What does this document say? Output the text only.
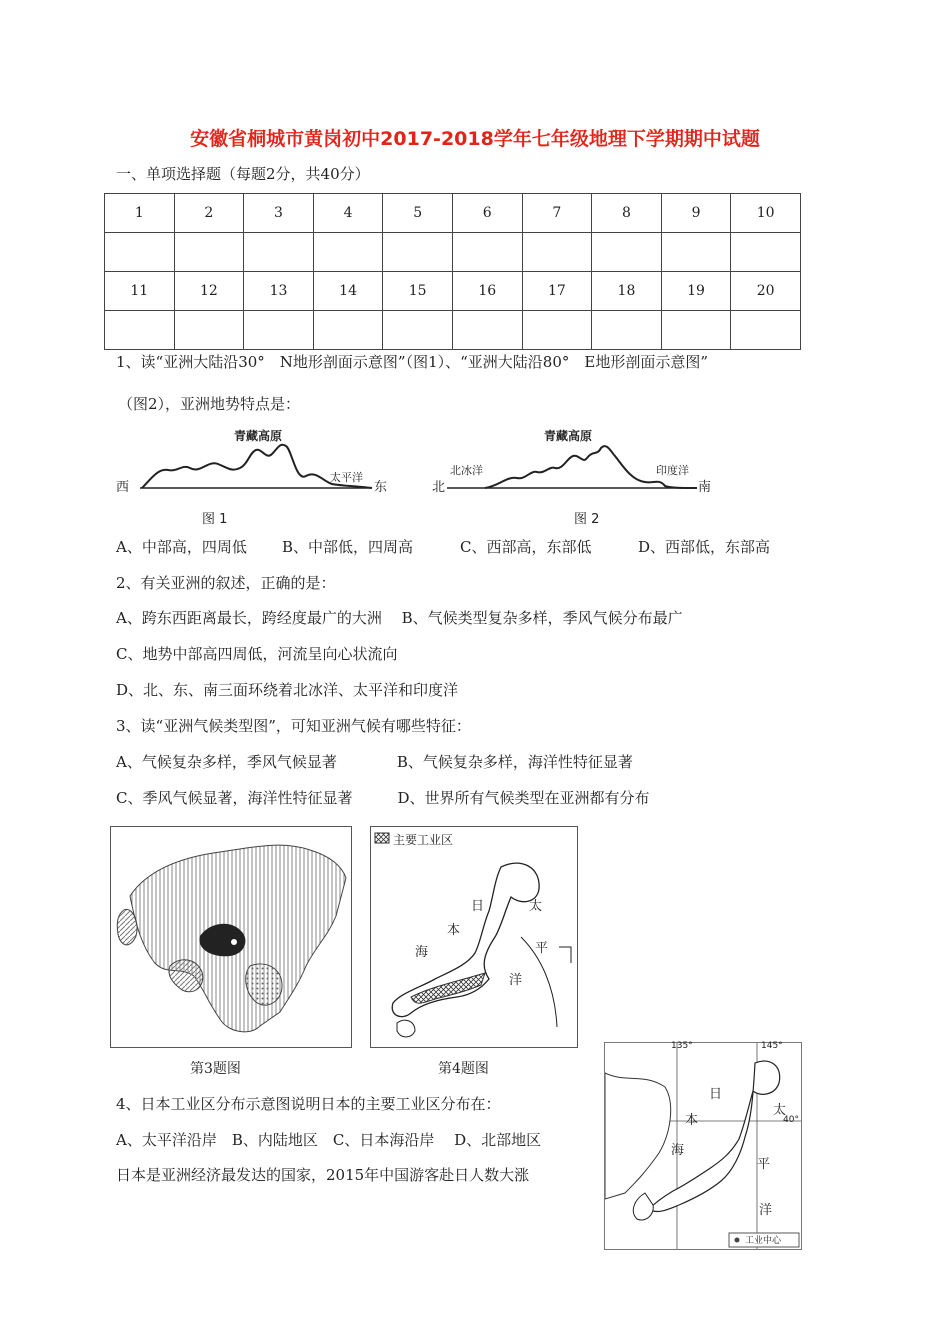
安徽省桐城市黄岗初中2017-2018学年七年级地理下学期期中试题
一、单项选择题（每题2分，共40分）
1	2	3	4	5	6	7	8	9	10

11	12	13	14	15	16	17	18	19	20

1、读“亚洲大陆沿30°　N地形剖面示意图”（图1）、“亚洲大陆沿80°　E地形剖面示意图”
（图2），亚洲地势特点是：
青藏高原
西	东
太平洋
图 1
青藏高原
北	南
北冰洋	印度洋
图 2
A、中部高，四周低 B、中部低，四周高	C、西部高，东部低	D、西部低，东部高
2、有关亚洲的叙述，正确的是：
A、跨东西距离最长，跨经度最广的大洲　 B、气候类型复杂多样，季风气候分布最广
C、地势中部高四周低，河流呈向心状流向
D、北、东、南三面环绕着北冰洋、太平洋和印度洋
3、读“亚洲气候类型图”，可知亚洲气候有哪些特征：
A、气候复杂多样，季风气候显著　　　　B、气候复杂多样，海洋性特征显著
C、季风气候显著，海洋性特征显著　　　D、世界所有气候类型在亚洲都有分布
第3题图
主要工业区
日
本
海
太
平
洋
第4题图
135°	145°
40°
日
本
海
太
平
洋
工业中心
4、日本工业区分布示意图说明日本的主要工业区分布在：
A、太平洋沿岸　B、内陆地区　C、日本海沿岸　 D、北部地区
日本是亚洲经济最发达的国家，2015年中国游客赴日人数大涨
